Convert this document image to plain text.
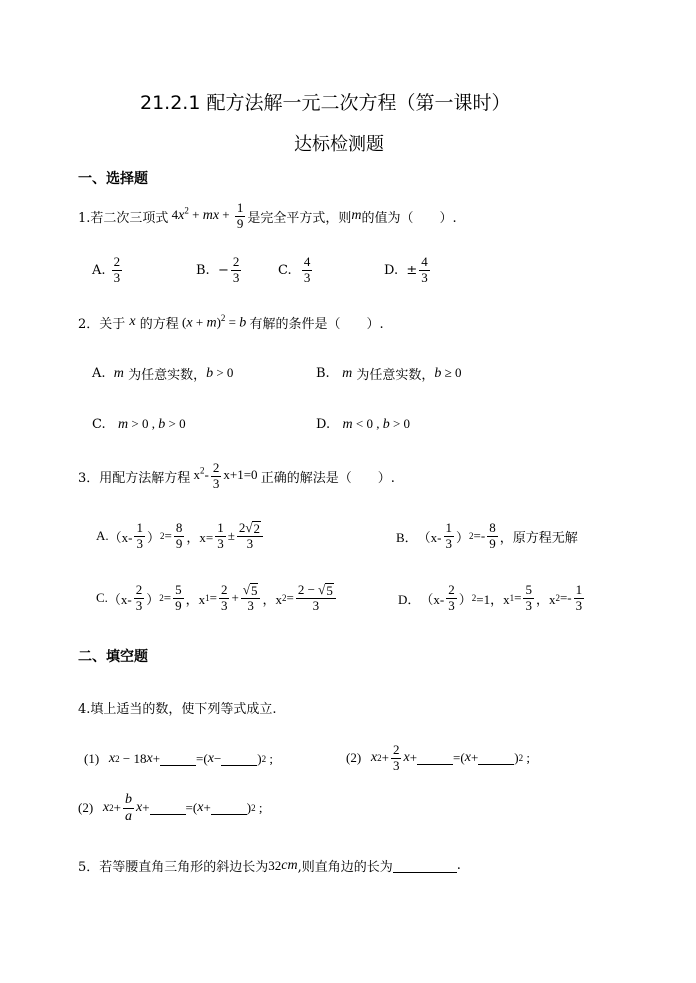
21.2.1 配方法解一元二次方程（第一课时）
达标检测题
一、选择题
1.若二次三项式 $4x^2$ + mx + $\frac{1}{9}$ 是完全平方式，则 m 的值为（　　）.
A.
$\frac{2}{3}$	B.
− $\frac{2}{3}$	C.
$\frac{4}{3}$	D.
± $\frac{4}{3}$
2．关于
x
的方程 $(x + m)^2 = b$ 有解的条件是（　　）.
A.
m
为任意实数， b > 0	B.
m
为任意实数， b ≥ 0
C.
m > 0 , b > 0	D.
m < 0 , b > 0
3．用配方法解方程 $x^2- \frac{2}{3} x+1=0$ 正确的解法是（　　）.
A. （$x- \frac{1}{3}$ ） $2 = \frac{8}{9}$ ，$x= \frac{1}{3} \pm \frac{2√ 2}{3}$	B． （$x- \frac{1}{3}$ ） $2 =- \frac{8}{9}$ ， 原方程无解
C. （$x- \frac{2}{3}$ ） $2 = \frac{5}{9}$ ，x $1 = \frac{2}{3} + \frac{√ 5}{3}$ ，x $2 = \frac{2 - √ 5}{3}$	D． （$x- \frac{2}{3}$ ） 2 =1，x $1 = \frac{5}{3}$ ，x $2 =- \frac{1}{3}$
二、填空题
4.填上适当的数，使下列等式成立.
(1)
x 2 − 18 x +	=( x −	) 2 ;	(2)
x $2 + \frac{2}{3}$ x +	=( x +	) 2 ;
(2)
x $2 + \frac{b}{a}$ x +	=( x +	) 2 ;
5．若等腰直角三角形的斜边长为 32 cm ,则直角边的长为	.
